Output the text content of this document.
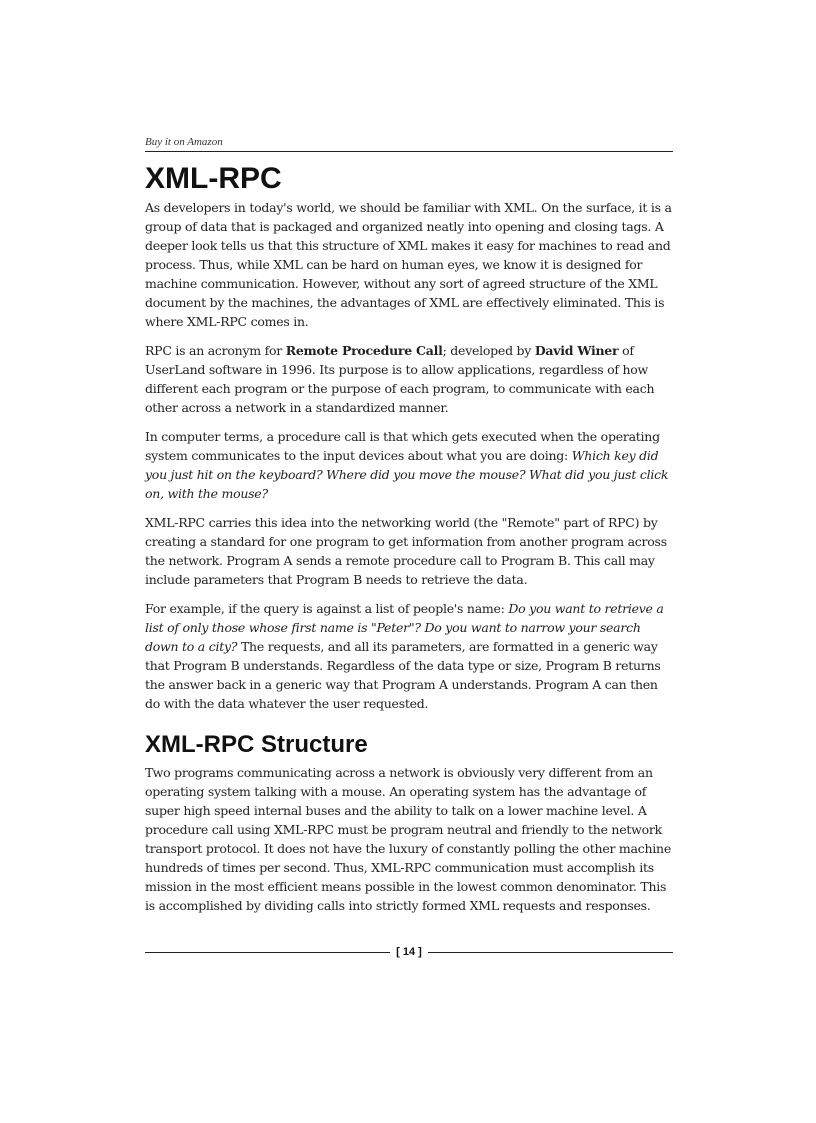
Buy it on Amazon
XML-RPC

As developers in today's world, we should be familiar with XML. On the surface, it is a group of data that is packaged and organized neatly into opening and closing tags. A deeper look tells us that this structure of XML makes it easy for machines to read and process. Thus, while XML can be hard on human eyes, we know it is designed for machine communication. However, without any sort of agreed structure of the XML document by the machines, the advantages of XML are effectively eliminated. This is where XML-RPC comes in.

RPC is an acronym for Remote Procedure Call; developed by David Winer of UserLand software in 1996. Its purpose is to allow applications, regardless of how different each program or the purpose of each program, to communicate with each other across a network in a standardized manner.

In computer terms, a procedure call is that which gets executed when the operating system communicates to the input devices about what you are doing: Which key did you just hit on the keyboard? Where did you move the mouse? What did you just click on, with the mouse?

XML-RPC carries this idea into the networking world (the "Remote" part of RPC) by creating a standard for one program to get information from another program across the network. Program A sends a remote procedure call to Program B. This call may include parameters that Program B needs to retrieve the data.

For example, if the query is against a list of people's name: Do you want to retrieve a list of only those whose first name is "Peter"? Do you want to narrow your search down to a city? The requests, and all its parameters, are formatted in a generic way that Program B understands. Regardless of the data type or size, Program B returns the answer back in a generic way that Program A understands. Program A can then do with the data whatever the user requested.

XML-RPC Structure

Two programs communicating across a network is obviously very different from an operating system talking with a mouse. An operating system has the advantage of super high speed internal buses and the ability to talk on a lower machine level. A procedure call using XML-RPC must be program neutral and friendly to the network transport protocol. It does not have the luxury of constantly polling the other machine hundreds of times per second. Thus, XML-RPC communication must accomplish its mission in the most efficient means possible in the lowest common denominator. This is accomplished by dividing calls into strictly formed XML requests and responses.

[ 14 ]
